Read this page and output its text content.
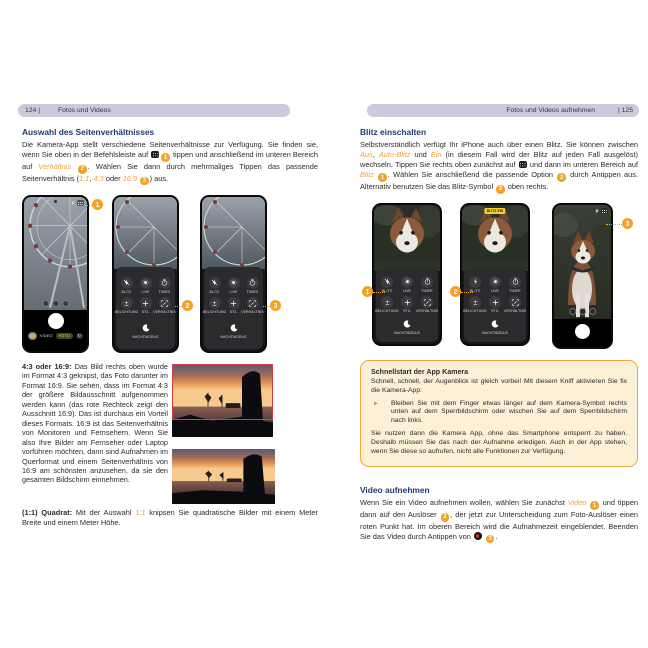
124 |	Fotos und Videos
Auswahl des Seitenverhältnisses

Die Kamera-App stellt verschiedene Seitenverhältnisse zur Verfügung. Sie finden sie, wenn Sie oben in der Befehlsleiste auf 1 tippen und anschließend im unteren Bereich auf Verhältnis 2 . Wählen Sie dann durch mehrmaliges Tippen das passende Seitenverhältnis (1:1, 4:3 oder 16:9 3 ) aus.

VIDEO	FOTO	↻
BLITZ	LIVE	TIMER
±
BELICHTUNG STIL VERHÄLTNIS
NACHTMODUS
BLITZ	LIVE	TIMER
±
BELICHTUNG STIL VERHÄLTNIS
NACHTMODUS
1
2	3

4:3 oder 16:9: Das Bild rechts oben wurde im Format 4:3 geknipst, das Foto darunter im Format 16:9. Sie sehen, dass im Format 4:3 der größere Bildausschnitt aufgenommen werden kann (das rote Rechteck zeigt den Ausschnitt 16:9). Das ist durchaus ein Vorteil dieses Formats. 16:9 ist das Seitenverhältnis von Monitoren und Fernsehern. Wenn Sie also Ihre Bilder am Fernseher oder Laptop vorführen möchten, dann sind Aufnahmen im Querformat und einem Seitenverhältnis von 16:9 am schönsten anzusehen, da sie den gesamten Bildschirm einnehmen.

(1:1) Quadrat: Mit der Auswahl 1:1 knipsen Sie quadratische Bilder mit einem Meter Breite und einem Meter Höhe.

Fotos und Videos aufnehmen	| 125
Blitz einschalten

Selbstverständlich verfügt Ihr iPhone auch über einen Blitz. Sie können zwischen Aus, Auto-Blitz und Ein (in diesem Fall wird der Blitz auf jeden Fall ausgelöst) wechseln. Tippen Sie rechts oben zunächst auf  und dann im unteren Bereich auf Blitz 1 . Wählen Sie anschließend die passende Option 2 durch Antippen aus. Alternativ benutzen Sie das Blitz-Symbol 3 oben rechts.

BLITZ	LIVE	TIMER
±
BELICHTUNG STIL VERHÄLTNIS
NACHTMODUS
BLITZ EIN
BLITZ	LIVE	TIMER
±
BELICHTUNG STIL VERHÄLTNIS
NACHTMODUS
1	2
3
Schnellstart der App Kamera

Schnell, schnell, der Augenblick ist gleich vorbei! Mit diesem Kniff aktivieren Sie fix die Kamera-App:

►	Bleiben Sie mit dem Finger etwas länger auf dem Kamera-Symbol rechts unten auf dem Sperrbildschirm oder wischen Sie auf dem Sperrbildschirm nach links.

Sie nutzen dann die Kamera App, ohne das Smartphone entsperrt zu haben. Deshalb müssen Sie das nach der Aufnahme erledigen. Auch in der App stehen, wenn Sie diese so aufrufen, nicht alle Funktionen zur Verfügung.

Video aufnehmen

Wenn Sie ein Video aufnehmen wollen, wählen Sie zunächst Video 1 und tippen dann auf den Auslöser 2 , der jetzt zur Unterscheidung zum Foto-Auslöser einen roten Punkt hat. Im oberen Bereich wird die Aufnahmezeit eingeblendet. Beenden Sie das Video durch Antippen von	3 .
